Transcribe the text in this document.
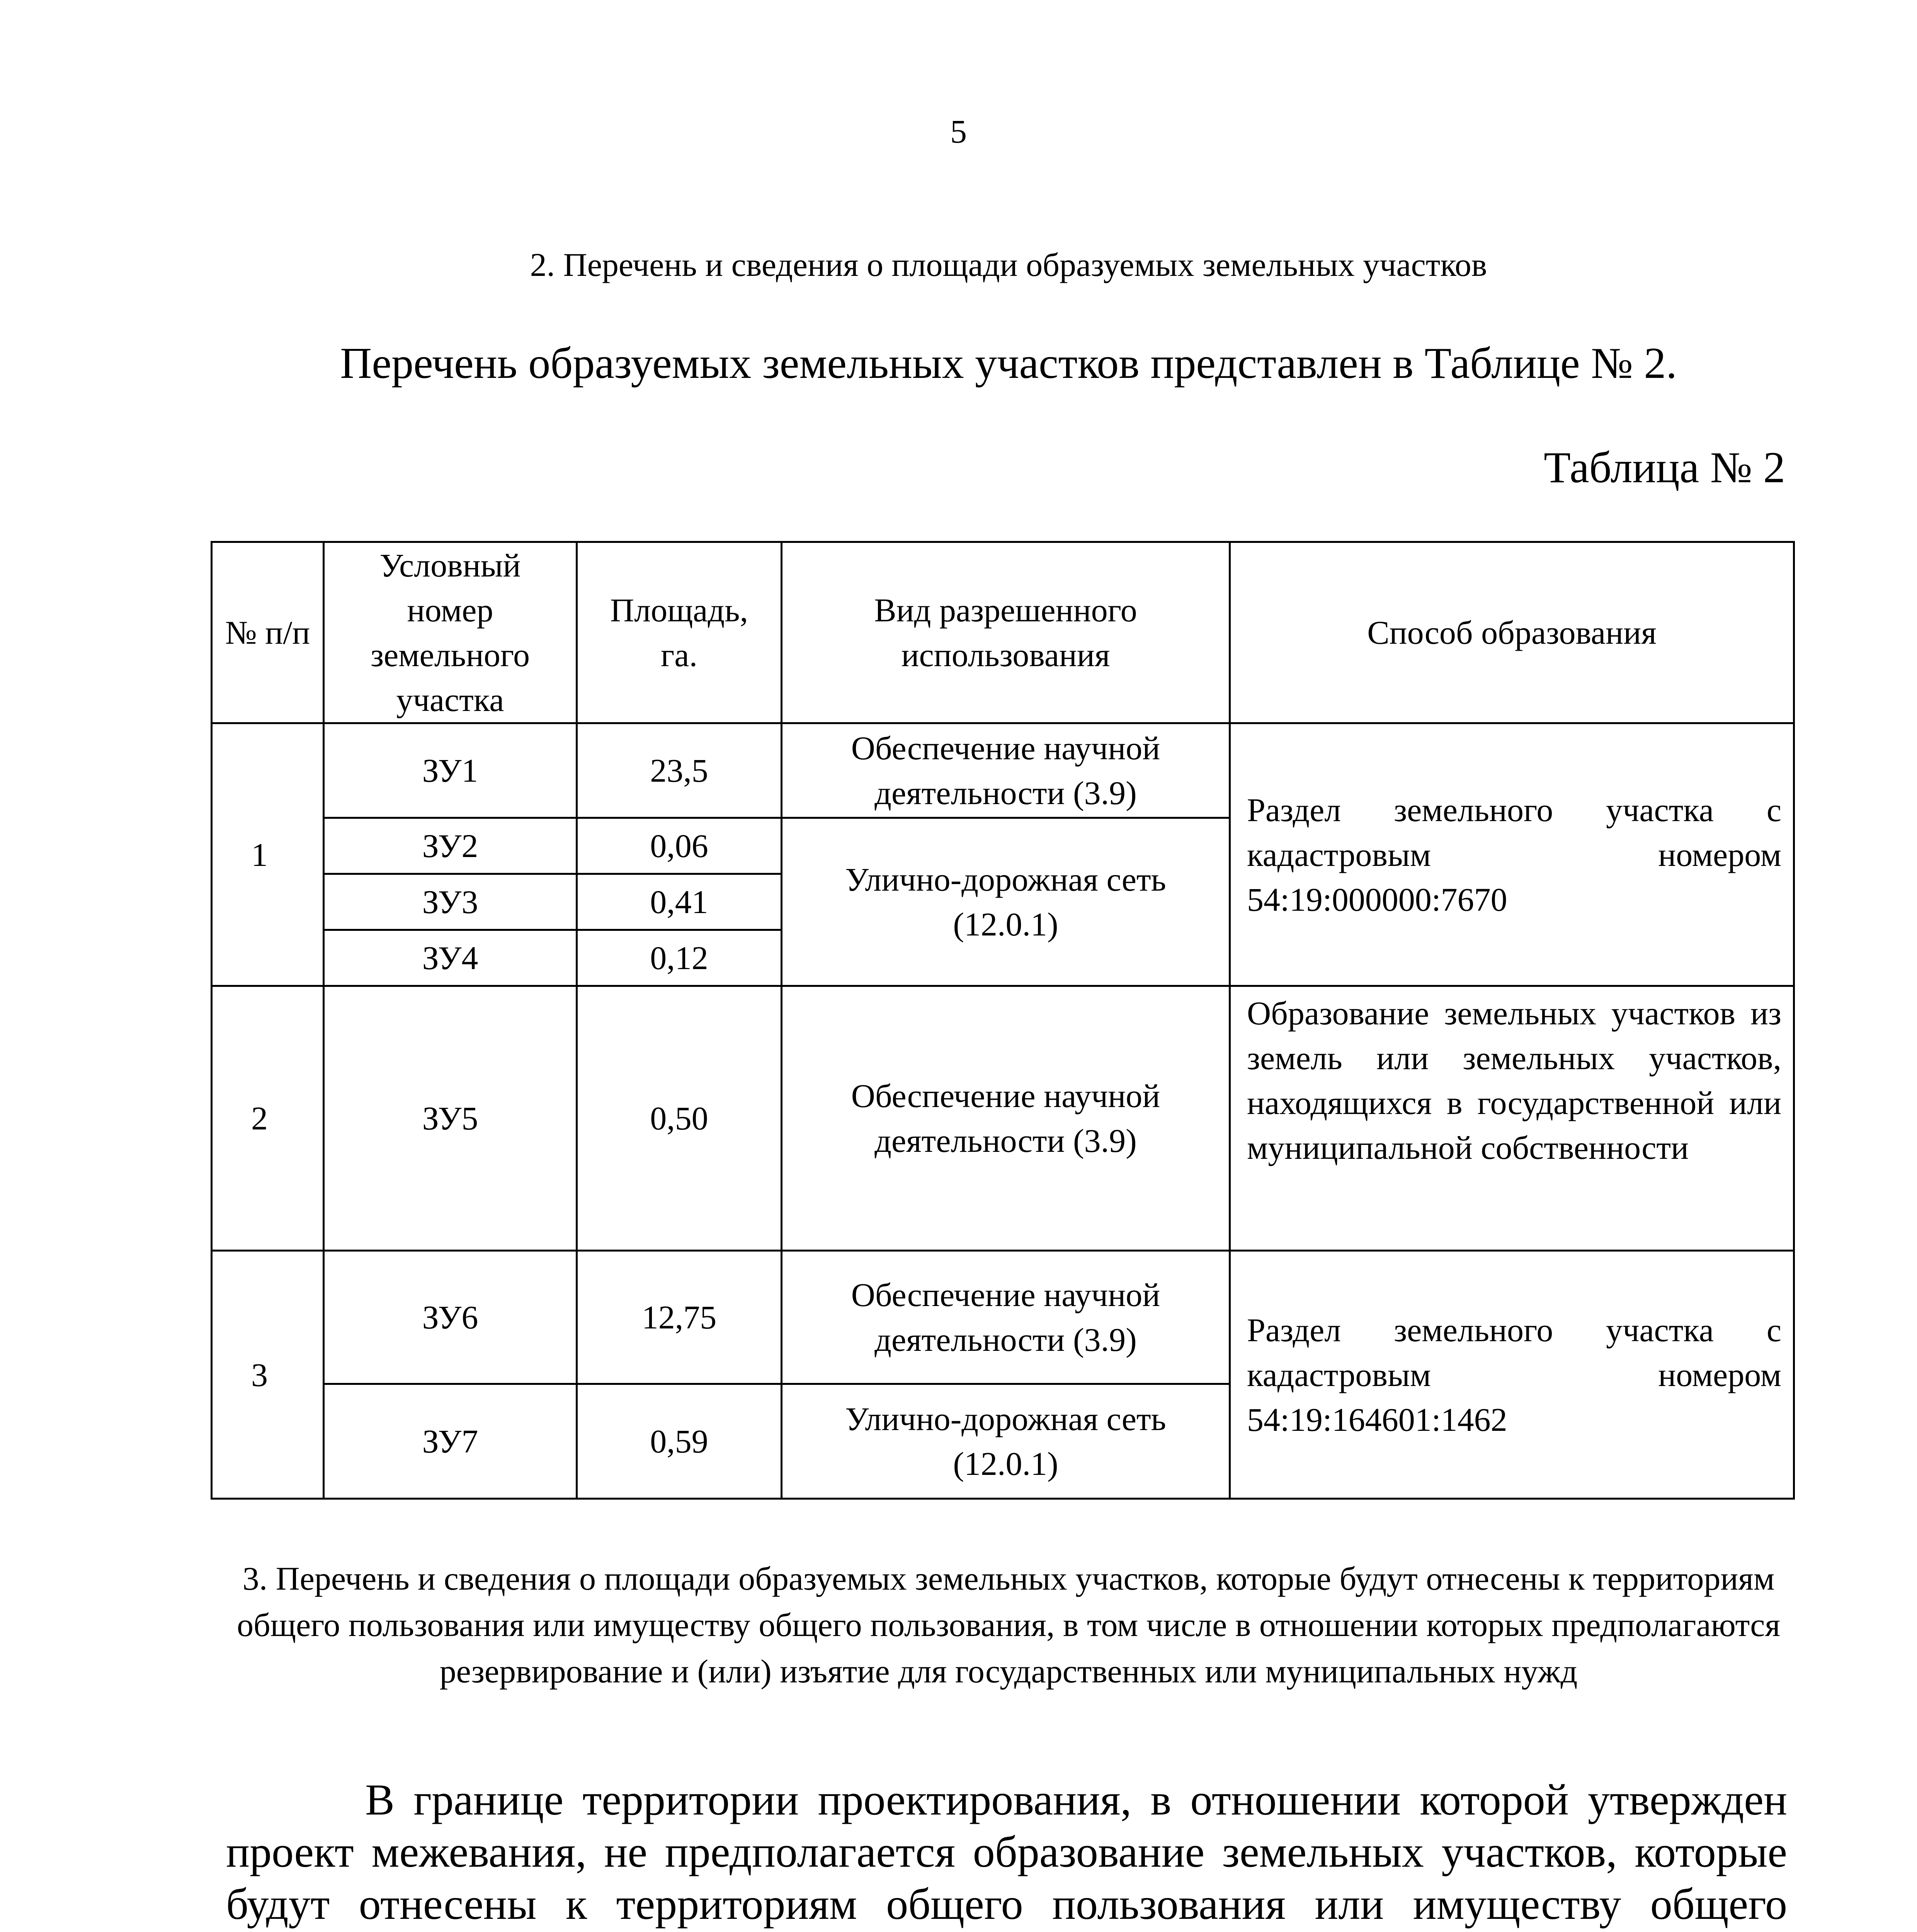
5
2. Перечень и сведения о площади образуемых земельных участков
Перечень образуемых земельных участков представлен в Таблице № 2.
Таблица № 2
№ п/п	Условный номер земельного участка	Площадь, га.	Вид разрешенного использования	Способ образования

1	ЗУ1	23,5	Обеспечение научной деятельности (3.9)	Раздел земельного участка с кадастровым номером 54:19:000000:7670
	ЗУ2	0,06	Улично-дорожная сеть (12.0.1)	
	ЗУ3	0,41		
	ЗУ4	0,12		
2	ЗУ5	0,50	Обеспечение научной деятельности (3.9)	Образование земельных участков из земель или земельных участков, находящихся в государственной или муниципальной собственности
3	ЗУ6	12,75	Обеспечение научной деятельности (3.9)	Раздел земельного участка с кадастровым номером 54:19:164601:1462
	ЗУ7	0,59	Улично-дорожная сеть (12.0.1)	
3. Перечень и сведения о площади образуемых земельных участков, которые будут отнесены к территориям общего пользования или имуществу общего пользования, в том числе в отношении которых предполагаются резервирование и (или) изъятие для государственных или муниципальных нужд
В границе территории проектирования, в отношении которой утвержден проект межевания, не предполагается образование земельных участков, которые будут отнесены к территориям общего пользования или имуществу общего
